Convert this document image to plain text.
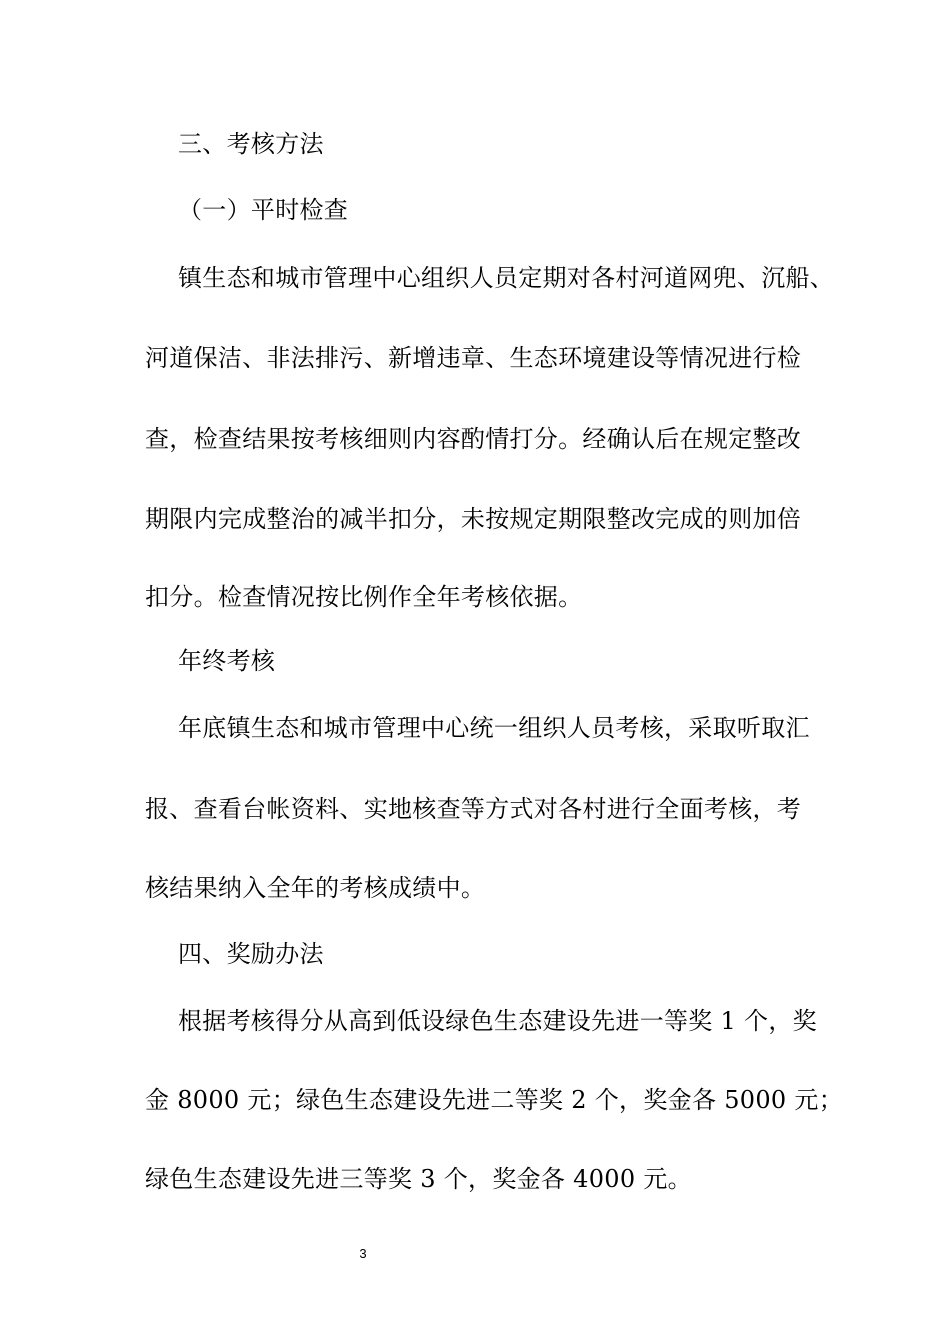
三、考核方法
（一）平时检查
镇生态和城市管理中心组织人员定期对各村河道网兜、沉船、
河道保洁、非法排污、新增违章、生态环境建设等情况进行检
查，检查结果按考核细则内容酌情打分。经确认后在规定整改
期限内完成整治的减半扣分，未按规定期限整改完成的则加倍
扣分。检查情况按比例作全年考核依据。
年终考核
年底镇生态和城市管理中心统一组织人员考核，采取听取汇
报、查看台帐资料、实地核查等方式对各村进行全面考核，考
核结果纳入全年的考核成绩中。
四、奖励办法
根据考核得分从高到低设绿色生态建设先进一等奖 1 个，奖
金 8000 元；绿色生态建设先进二等奖 2 个，奖金各 5000 元；
绿色生态建设先进三等奖 3 个，奖金各 4000 元。
3
